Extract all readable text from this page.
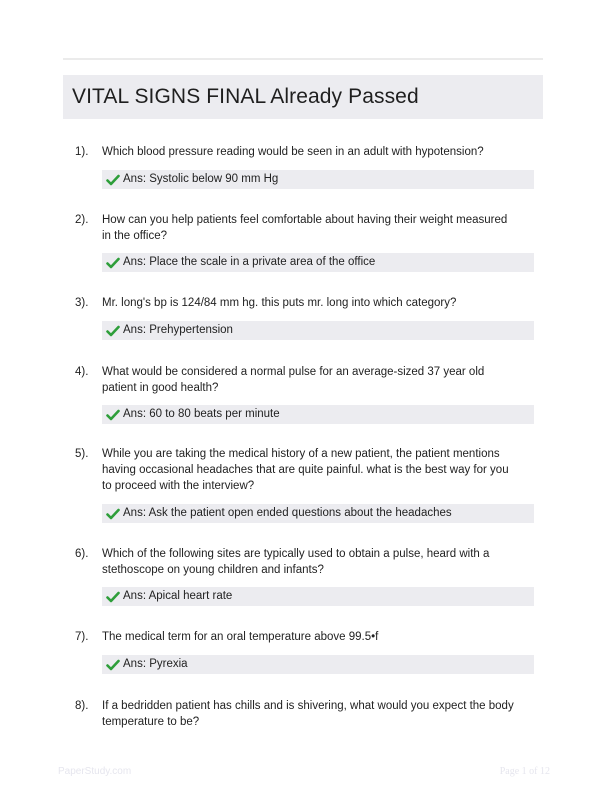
VITAL SIGNS FINAL Already Passed
1). Which blood pressure reading would be seen in an adult with hypotension?
Ans: Systolic below 90 mm Hg
2). How can you help patients feel comfortable about having their weight measured in the office?
Ans: Place the scale in a private area of the office
3). Mr. long's bp is 124/84 mm hg. this puts mr. long into which category?
Ans: Prehypertension
4). What would be considered a normal pulse for an average-sized 37 year old patient in good health?
Ans: 60 to 80 beats per minute
5). While you are taking the medical history of a new patient, the patient mentions having occasional headaches that are quite painful. what is the best way for you to proceed with the interview?
Ans: Ask the patient open ended questions about the headaches
6). Which of the following sites are typically used to obtain a pulse, heard with a stethoscope on young children and infants?
Ans: Apical heart rate
7). The medical term for an oral temperature above 99.5•f
Ans: Pyrexia
8). If a bedridden patient has chills and is shivering, what would you expect the body temperature to be?
PaperStudy.com	Page 1 of 12
